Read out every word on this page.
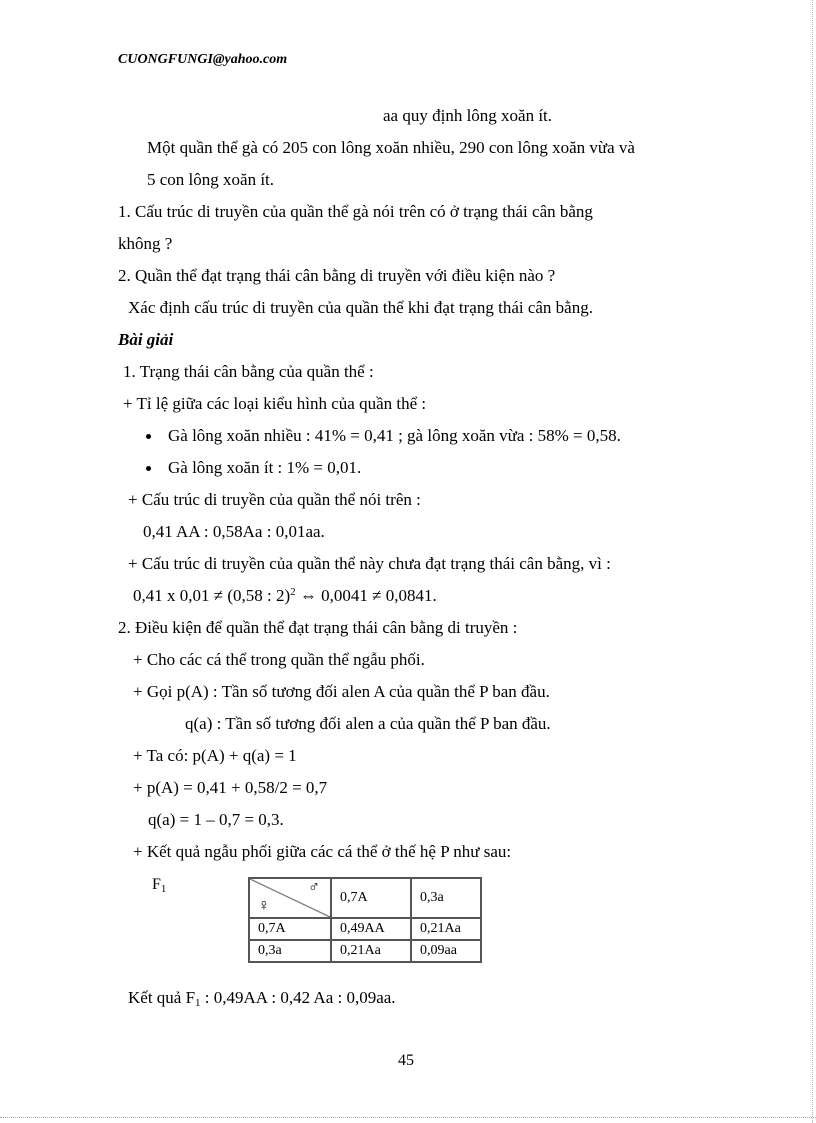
CUONGFUNGI@yahoo.com
aa quy định lông xoăn ít.
Một quần thể gà có 205 con lông xoăn nhiều, 290 con lông xoăn vừa và
5 con lông xoăn ít.
1. Cấu trúc di truyền của quần thể gà nói trên có ở trạng thái cân bằng
không ?
2. Quần thể đạt trạng thái cân bằng di truyền với điều kiện nào ?
Xác định cấu trúc di truyền của quần thể khi đạt trạng thái cân bằng.
Bài giải
1. Trạng thái cân bằng của quần thể :
+ Tỉ lệ giữa các loại kiểu hình của quần thể :
Gà lông xoăn nhiều : 41% = 0,41 ; gà lông xoăn vừa : 58% = 0,58.
Gà lông xoăn ít : 1% = 0,01.
+ Cấu trúc di truyền của quần thể nói trên :
0,41 AA : 0,58Aa : 0,01aa.
+ Cấu trúc di truyền của quần thể này chưa đạt trạng thái cân bằng, vì :
0,41 x 0,01 ≠ (0,58 : 2)$^2$ ⇔ 0,0041 ≠ 0,0841.
2. Điều kiện để quần thể đạt trạng thái cân bằng di truyền :
+ Cho các cá thể trong quần thể ngẫu phối.
+ Gọi p(A) : Tần số tương đối alen A của quần thể P ban đầu.
q(a) : Tần số tương đối alen a của quần thể P ban đầu.
+ Ta có: p(A) + q(a) = 1
+ p(A) = 0,41 + 0,58/2 = 0,7
q(a) = 1 – 0,7 = 0,3.
+ Kết quả ngẫu phối giữa các cá thể ở thế hệ P như sau:
$F_1$
♀
♂	0,7A	0,3a
0,7A	0,49AA	0,21Aa
0,3a	0,21Aa	0,09aa
Kết quả $F_1$ : 0,49AA : 0,42 Aa : 0,09aa.
45
